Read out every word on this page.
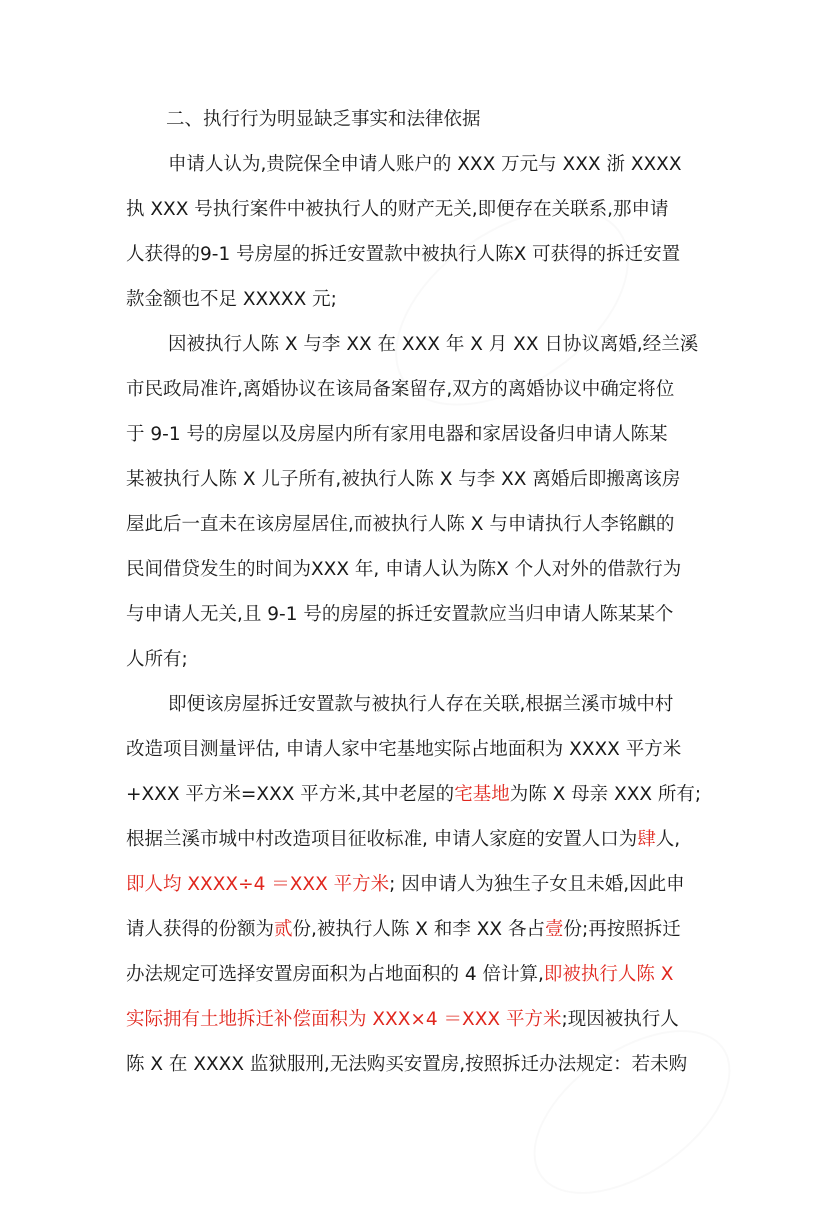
二、执行行为明显缺乏事实和法律依据
申请人认为,贵院保全申请人账户的 XXX 万元与 XXX 浙 XXXX
执 XXX 号执行案件中被执行人的财产无关,即便存在关联系,那申请
人获得的9-1 号房屋的拆迁安置款中被执行人陈X 可获得的拆迁安置
款金额也不足 XXXXX 元;
因被执行人陈 X 与李 XX 在 XXX 年 X 月 XX 日协议离婚,经兰溪
市民政局准许,离婚协议在该局备案留存,双方的离婚协议中确定将位
于 9-1 号的房屋以及房屋内所有家用电器和家居设备归申请人陈某
某被执行人陈 X 儿子所有,被执行人陈 X 与李 XX 离婚后即搬离该房
屋此后一直未在该房屋居住,而被执行人陈 X 与申请执行人李铭麒的
民间借贷发生的时间为XXX 年, 申请人认为陈X 个人对外的借款行为
与申请人无关,且 9-1 号的房屋的拆迁安置款应当归申请人陈某某个
人所有;
即便该房屋拆迁安置款与被执行人存在关联,根据兰溪市城中村
改造项目测量评估, 申请人家中宅基地实际占地面积为 XXXX 平方米
+XXX 平方米=XXX 平方米,其中老屋的宅基地为陈 X 母亲 XXX 所有;
根据兰溪市城中村改造项目征收标准, 申请人家庭的安置人口为肆人,
即人均 XXXX÷4 ＝XXX 平方米; 因申请人为独生子女且未婚,因此申
请人获得的份额为贰份,被执行人陈 X 和李 XX 各占壹份;再按照拆迁
办法规定可选择安置房面积为占地面积的 4 倍计算,即被执行人陈 X
实际拥有土地拆迁补偿面积为 XXX×4 ＝XXX 平方米;现因被执行人
陈 X 在 XXXX 监狱服刑,无法购买安置房,按照拆迁办法规定：若未购
